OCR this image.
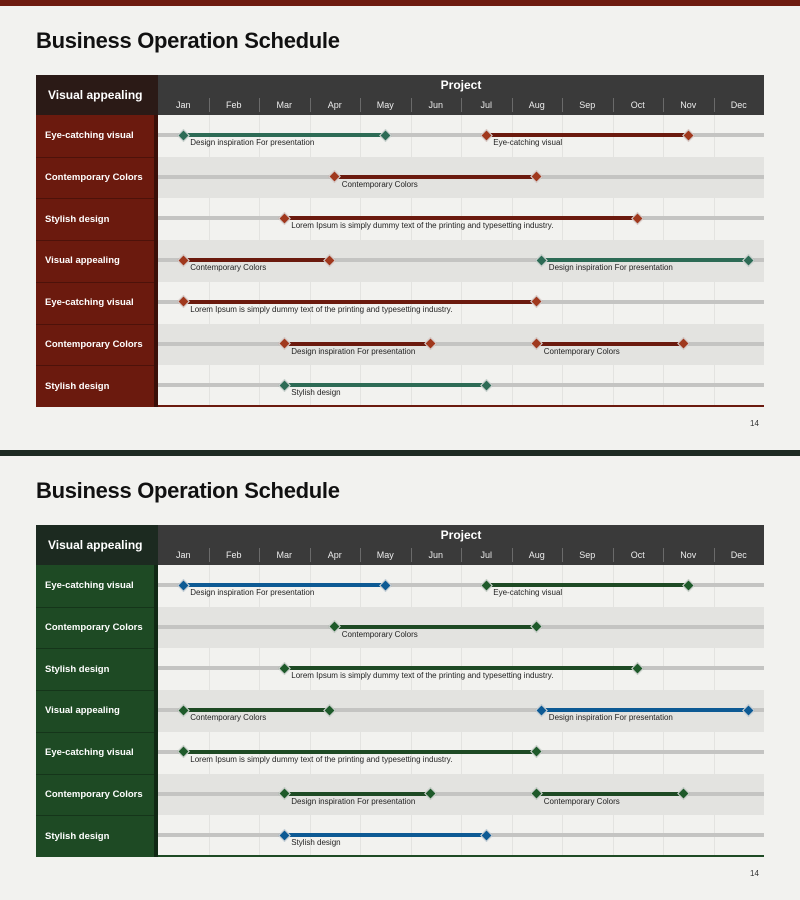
Business Operation Schedule
14
Visual appealing
Project
Jan	Feb	Mar	Apr	May	Jun	Jul	Aug	Sep	Oct	Nov	Dec
Eye-catching visual
Design inspiration For presentation	Eye-catching visual
Contemporary Colors
Contemporary Colors
Stylish design
Lorem Ipsum is simply dummy text of the printing and typesetting industry.
Visual appealing
Contemporary Colors	Design inspiration For presentation
Eye-catching visual
Lorem Ipsum is simply dummy text of the printing and typesetting industry.
Contemporary Colors
Design inspiration For presentation	Contemporary Colors
Stylish design
Stylish design
Business Operation Schedule
14
Visual appealing
Project
Jan	Feb	Mar	Apr	May	Jun	Jul	Aug	Sep	Oct	Nov	Dec
Eye-catching visual
Design inspiration For presentation	Eye-catching visual
Contemporary Colors
Contemporary Colors
Stylish design
Lorem Ipsum is simply dummy text of the printing and typesetting industry.
Visual appealing
Contemporary Colors	Design inspiration For presentation
Eye-catching visual
Lorem Ipsum is simply dummy text of the printing and typesetting industry.
Contemporary Colors
Design inspiration For presentation	Contemporary Colors
Stylish design
Stylish design
